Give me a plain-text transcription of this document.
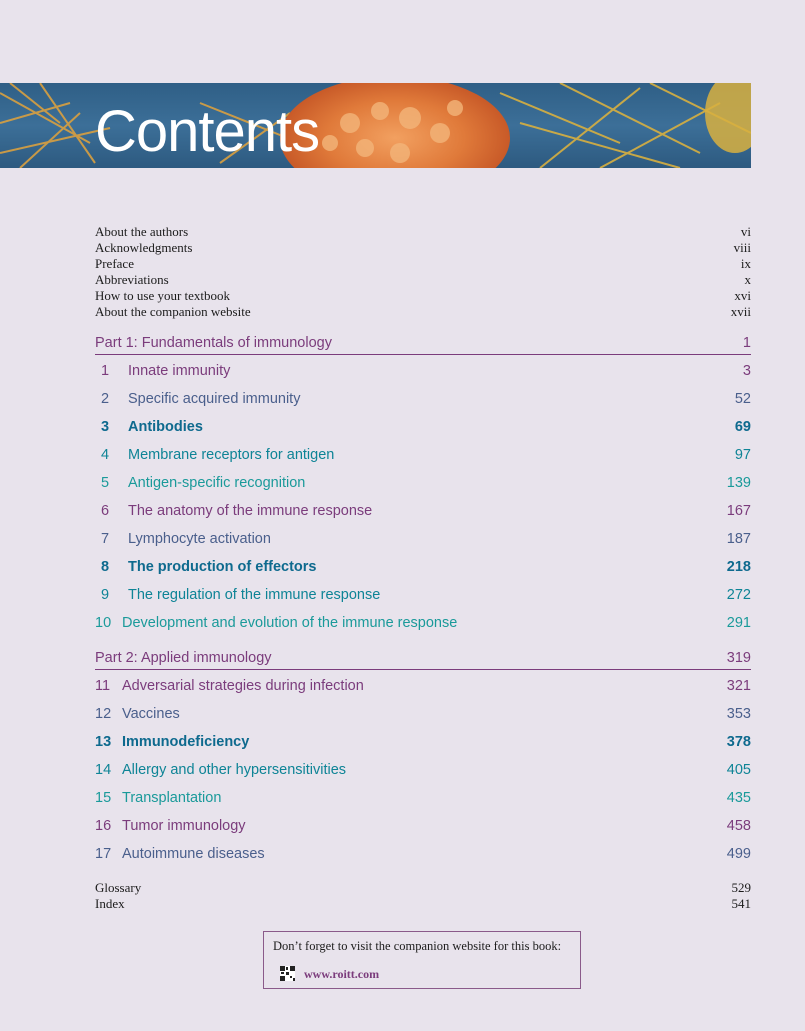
Contents
About the authors	vi
Acknowledgments	viii
Preface	ix
Abbreviations	x
How to use your textbook	xvi
About the companion website	xvii
Part 1: Fundamentals of immunology	1
1	Innate immunity	3
2	Specific acquired immunity	52
3	Antibodies	69
4	Membrane receptors for antigen	97
5	Antigen-specific recognition	139
6	The anatomy of the immune response	167
7	Lymphocyte activation	187
8	The production of effectors	218
9	The regulation of the immune response	272
10 Development and evolution of the immune response	291
Part 2: Applied immunology	319
11 Adversarial strategies during infection	321
12 Vaccines	353
13 Immunodeficiency	378
14 Allergy and other hypersensitivities	405
15 Transplantation	435
16 Tumor immunology	458
17 Autoimmune diseases	499
Glossary	529
Index	541
Don’t forget to visit the companion website for this book:
www.roitt.com
